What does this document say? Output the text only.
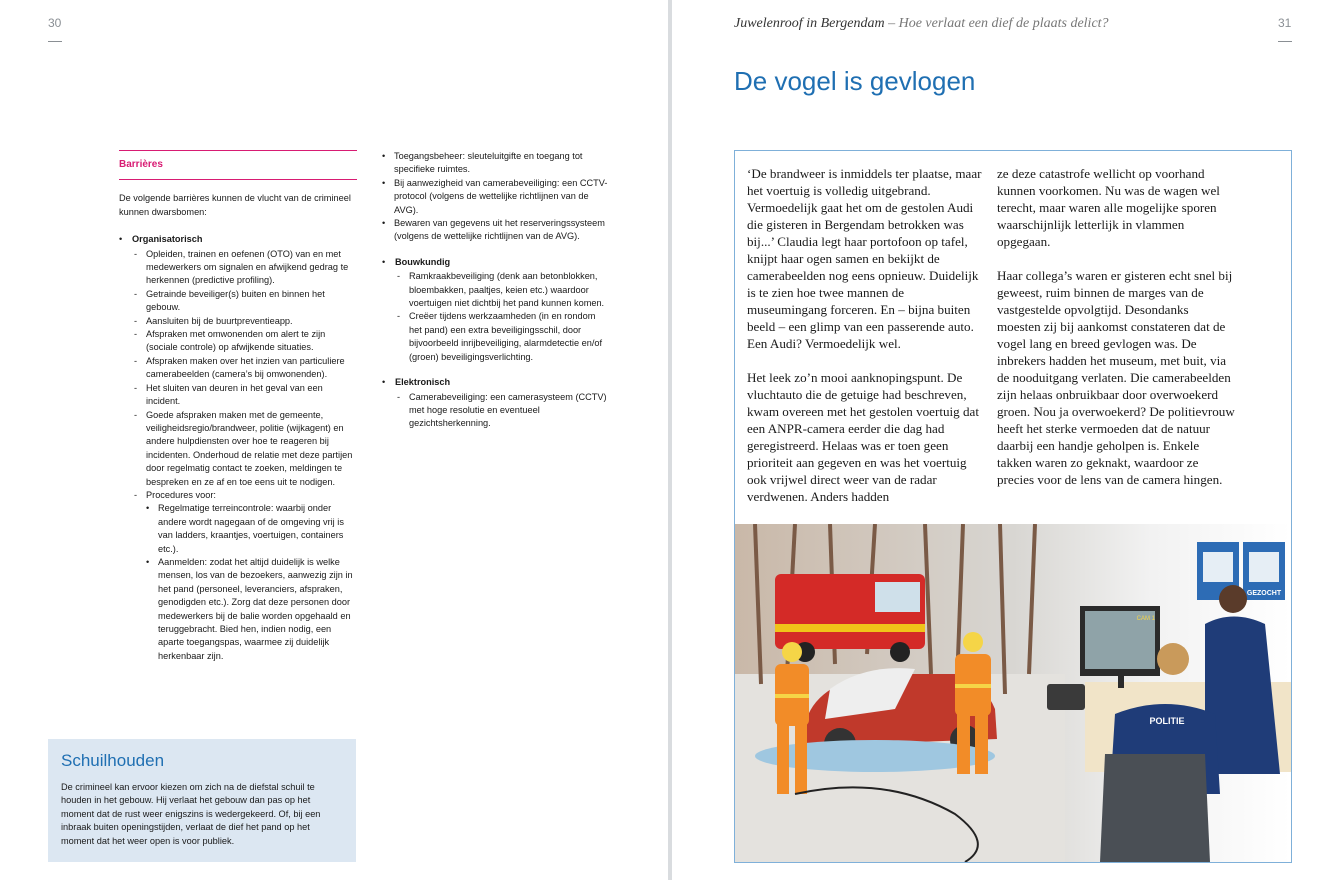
30
Barrières

De volgende barrières kunnen de vlucht van de crimineel kunnen dwarsbomen:

• Organisatorisch
- Opleiden, trainen en oefenen (OTO) van en met medewerkers om signalen en afwijkend gedrag te herkennen (predictive profiling).
- Getrainde beveiliger(s) buiten en binnen het gebouw.
- Aansluiten bij de buurtpreventieapp.
- Afspraken met omwonenden om alert te zijn (sociale controle) op afwijkende situaties.
- Afspraken maken over het inzien van particuliere camerabeelden (camera’s bij omwonenden).
- Het sluiten van deuren in het geval van een incident.
- Goede afspraken maken met de gemeente, veiligheidsregio/brandweer, politie (wijkagent) en andere hulpdiensten over hoe te reageren bij incidenten. Onderhoud de relatie met deze partijen door regelmatig contact te zoeken, meldingen te bespreken en ze af en toe eens uit te nodigen.
- Procedures voor:
• Regelmatige terreincontrole: waarbij onder andere wordt nagegaan of de omgeving vrij is van ladders, kraantjes, voertuigen, containers etc.).
• Aanmelden: zodat het altijd duidelijk is welke mensen, los van de bezoekers, aanwezig zijn in het pand (personeel, leveranciers, afspraken, genodigden etc.). Zorg dat deze personen door medewerkers bij de balie worden opgehaald en teruggebracht. Bied hen, indien nodig, een aparte toegangspas, waarmee zij duidelijk herkenbaar zijn.
• Toegangsbeheer: sleuteluitgifte en toegang tot specifieke ruimtes.
• Bij aanwezigheid van camerabeveiliging: een CCTV-protocol (volgens de wettelijke richtlijnen van de AVG).
• Bewaren van gegevens uit het reserveringssysteem (volgens de wettelijke richtlijnen van de AVG).
• Bouwkundig
- Ramkraakbeveiliging (denk aan betonblokken, bloembakken, paaltjes, keien etc.) waardoor voertuigen niet dichtbij het pand kunnen komen.
- Creëer tijdens werkzaamheden (in en rondom het pand) een extra beveiligingsschil, door bijvoorbeeld inrijbeveiliging, alarmdetectie en/of (groen) beveiligingsverlichting.
• Elektronisch
- Camerabeveiliging: een camerasysteem (CCTV) met hoge resolutie en eventueel gezichtsherkenning.
Schuilhouden

De crimineel kan ervoor kiezen om zich na de diefstal schuil te houden in het gebouw. Hij verlaat het gebouw dan pas op het moment dat de rust weer enigszins is wedergekeerd. Of, bij een inbraak buiten openingstijden, verlaat de dief het pand op het moment dat het weer open is voor publiek.

Juwelenroof in Bergendam – Hoe verlaat een dief de plaats delict?	31
De vogel is gevlogen

‘De brandweer is inmiddels ter plaatse, maar het voertuig is volledig uitgebrand. Vermoedelijk gaat het om de gestolen Audi die gisteren in Bergendam betrokken was bij...’ Claudia legt haar portofoon op tafel, knijpt haar ogen samen en bekijkt de camerabeelden nog eens opnieuw. Duidelijk is te zien hoe twee mannen de museumingang forceren. En – bijna buiten beeld – een glimp van een passerende auto. Een Audi? Vermoedelijk wel.

Het leek zo’n mooi aanknopingspunt. De vluchtauto die de getuige had beschreven, kwam overeen met het gestolen voertuig dat een ANPR-camera eerder die dag had geregistreerd. Helaas was er toen geen prioriteit aan gegeven en was het voertuig ook vrijwel direct weer van de radar verdwenen. Anders hadden

ze deze catastrofe wellicht op voorhand kunnen voorkomen. Nu was de wagen wel terecht, maar waren alle mogelijke sporen waarschijnlijk letterlijk in vlammen opgegaan.

Haar collega’s waren er gisteren echt snel bij geweest, ruim binnen de marges van de vastgestelde opvolgtijd. Desondanks moesten zij bij aankomst constateren dat de vogel lang en breed gevlogen was. De inbrekers hadden het museum, met buit, via de nooduitgang verlaten. Die camerabeelden zijn helaas onbruikbaar door overwoekerd groen. Nou ja overwoekerd? De politievrouw heeft het sterke vermoeden dat de natuur daarbij een handje geholpen is. Enkele takken waren zo geknakt, waardoor ze precies voor de lens van de camera hingen.

GEZOCHT
CAM 1
POLITIE
